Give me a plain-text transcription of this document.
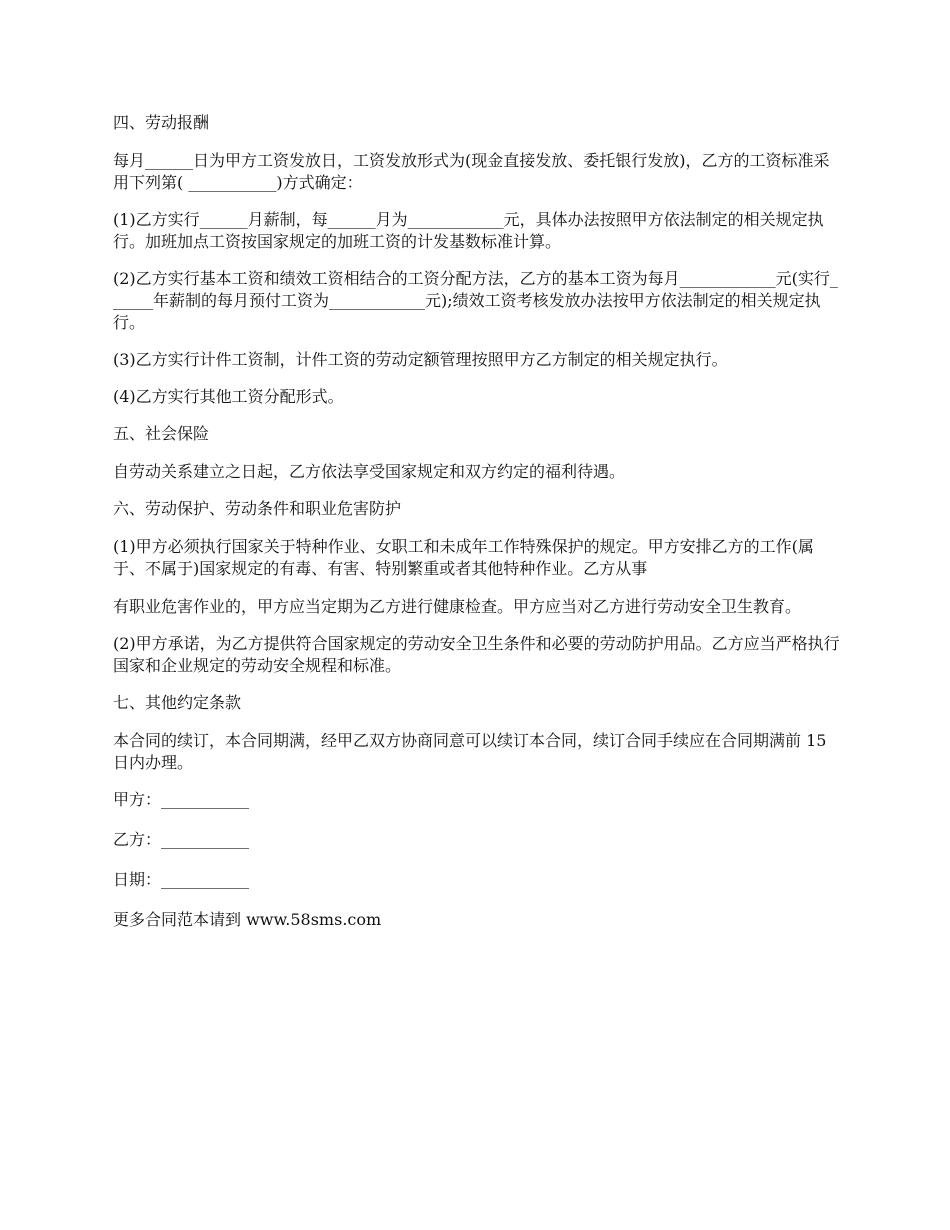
四、劳动报酬
每月______日为甲方工资发放日，工资发放形式为(现金直接发放、委托银行发放)，乙方的工资标准采用下列第( ___________)方式确定：
(1)乙方实行______月薪制，每______月为____________元，具体办法按照甲方依法制定的相关规定执行。加班加点工资按国家规定的加班工资的计发基数标准计算。
(2)乙方实行基本工资和绩效工资相结合的工资分配方法，乙方的基本工资为每月____________元(实行______年薪制的每月预付工资为____________元);绩效工资考核发放办法按甲方依法制定的相关规定执行。
(3)乙方实行计件工资制，计件工资的劳动定额管理按照甲方乙方制定的相关规定执行。
(4)乙方实行其他工资分配形式。
五、社会保险
自劳动关系建立之日起，乙方依法享受国家规定和双方约定的福利待遇。
六、劳动保护、劳动条件和职业危害防护
(1)甲方必须执行国家关于特种作业、女职工和未成年工作特殊保护的规定。甲方安排乙方的工作(属于、不属于)国家规定的有毒、有害、特别繁重或者其他特种作业。乙方从事
有职业危害作业的，甲方应当定期为乙方进行健康检查。甲方应当对乙方进行劳动安全卫生教育。
(2)甲方承诺，为乙方提供符合国家规定的劳动安全卫生条件和必要的劳动防护用品。乙方应当严格执行国家和企业规定的劳动安全规程和标准。
七、其他约定条款
本合同的续订，本合同期满，经甲乙双方协商同意可以续订本合同，续订合同手续应在合同期满前 15 日内办理。
甲方：___________
乙方：___________
日期：___________
更多合同范本请到 www.58sms.com
